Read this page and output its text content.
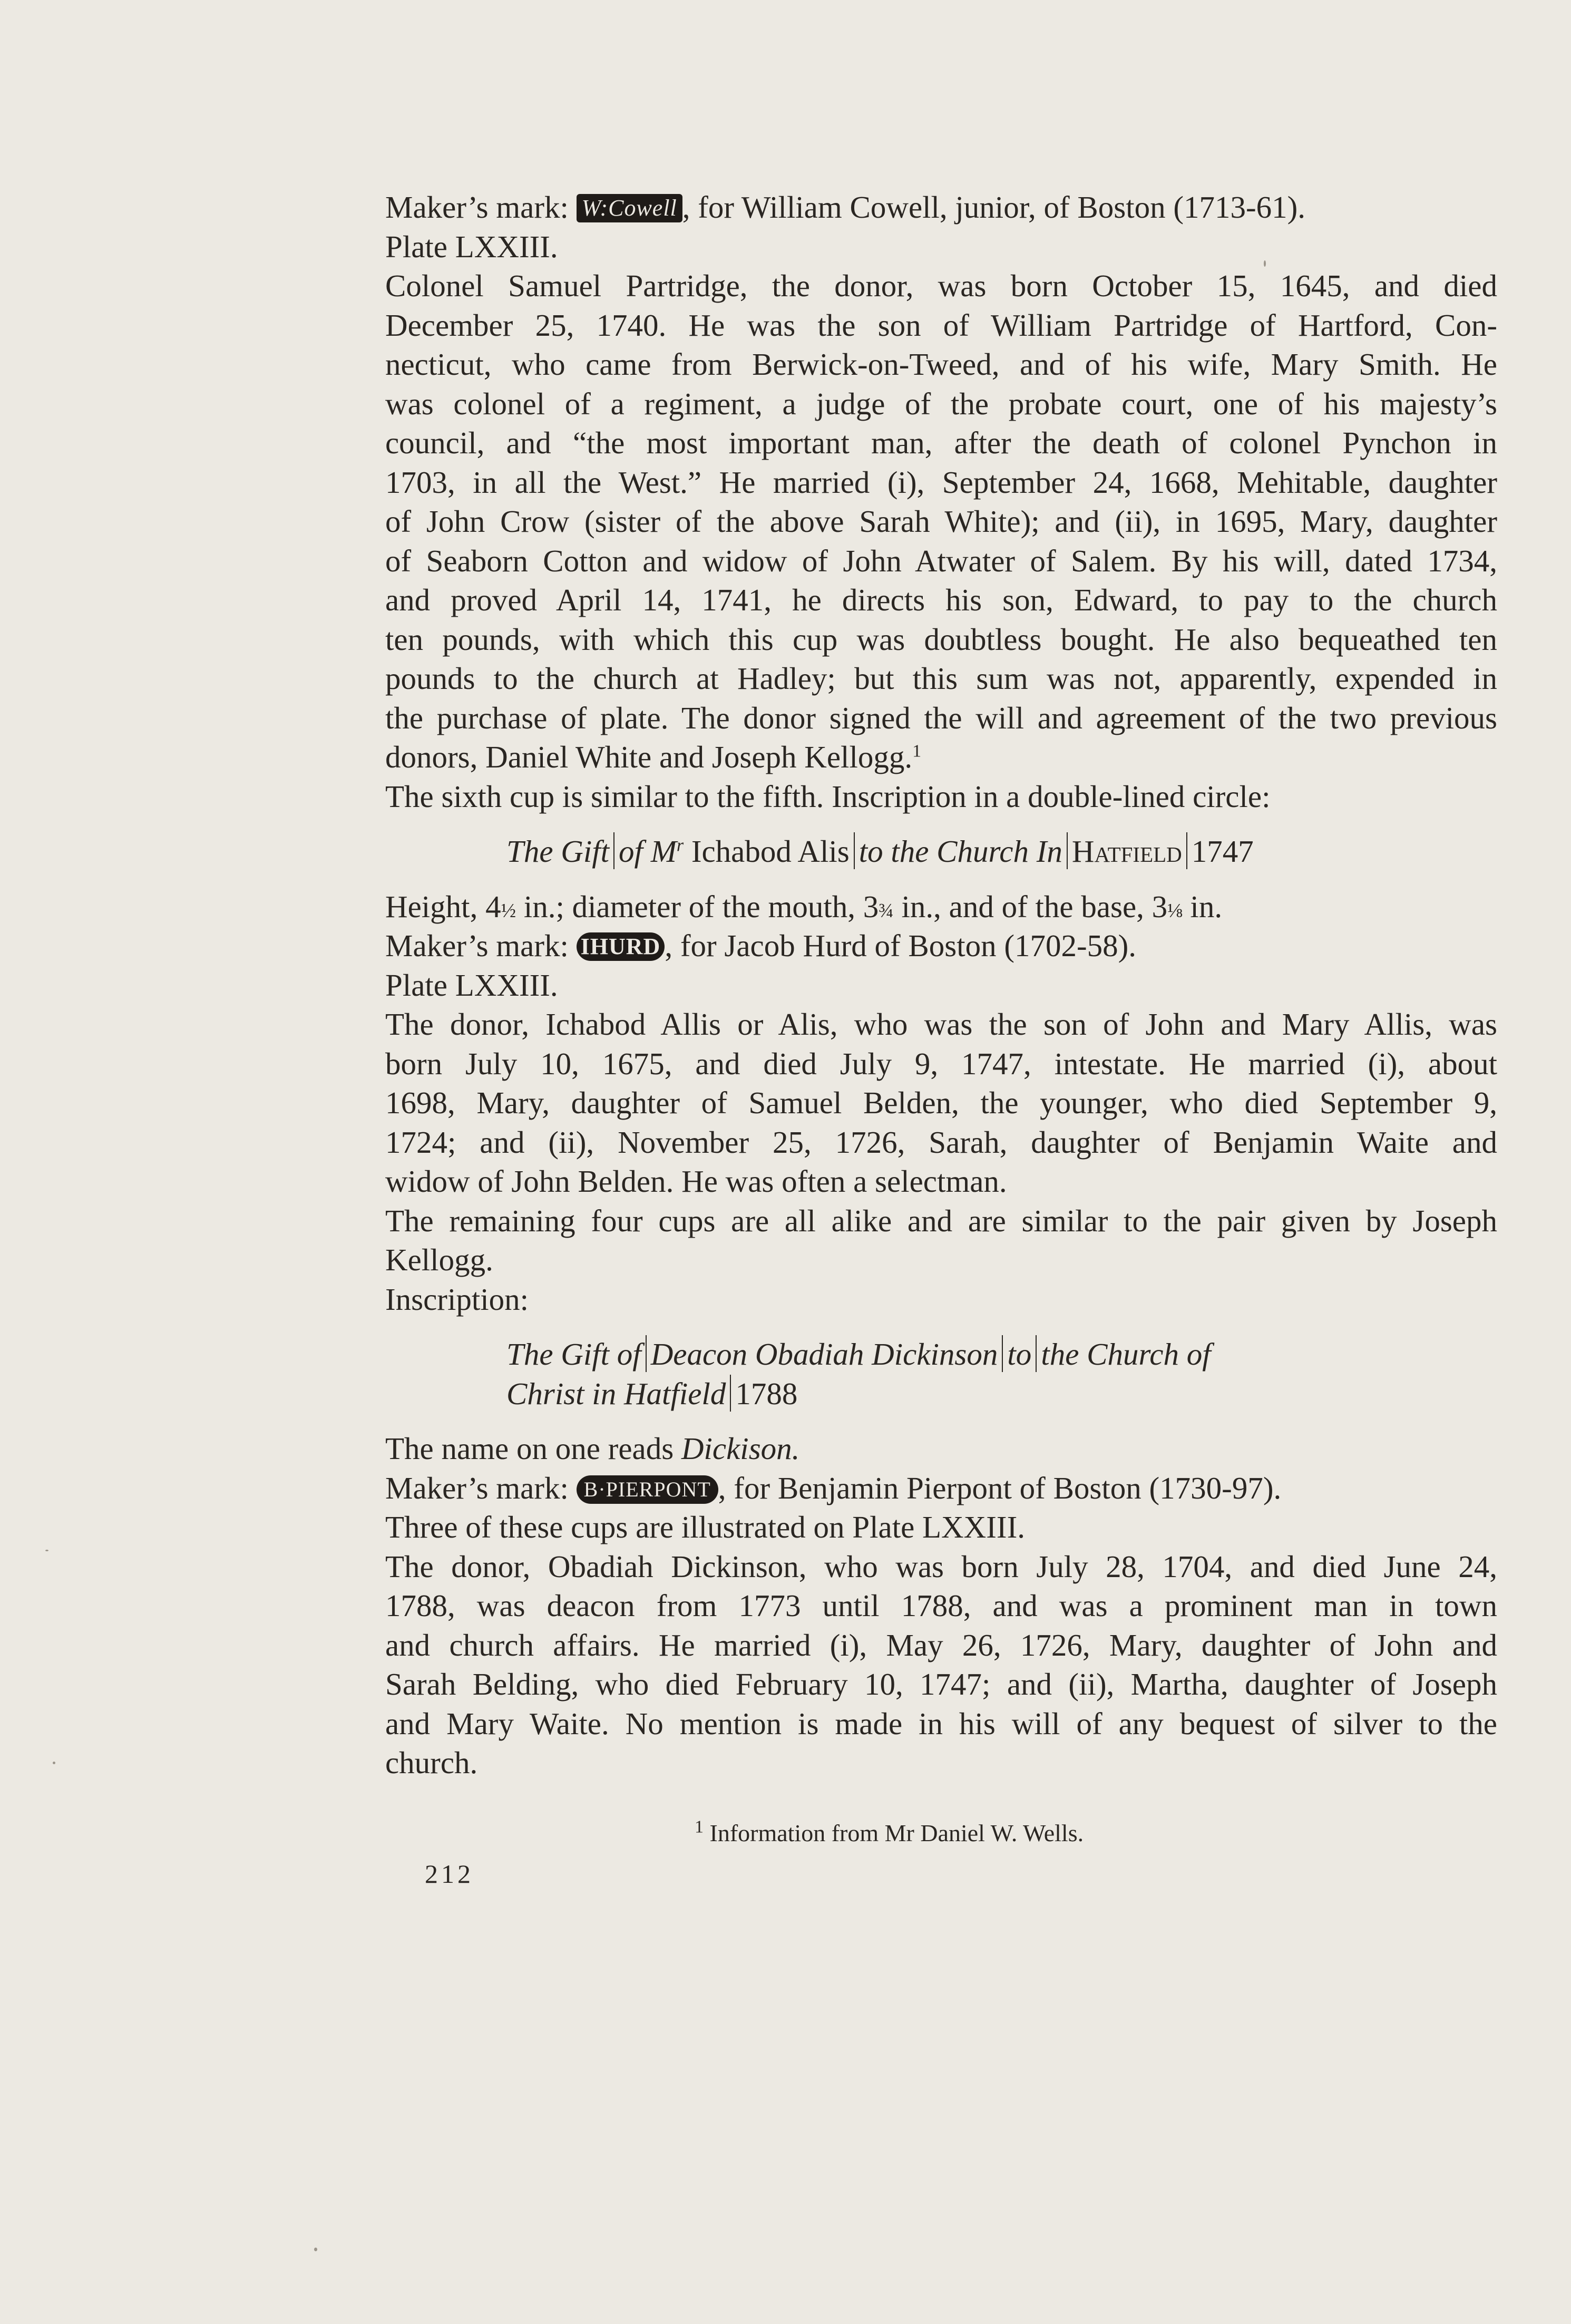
Maker’s mark: W:Cowell , for William Cowell, junior, of Boston (1713-61).
Plate LXXIII.
Colonel Samuel Partridge, the donor, was born October 15, 1645, and died
December 25, 1740. He was the son of William Partridge of Hartford, Con-
necticut, who came from Berwick-on-Tweed, and of his wife, Mary Smith. He
was colonel of a regiment, a judge of the probate court, one of his majesty’s
council, and “the most important man, after the death of colonel Pynchon in
1703, in all the West.” He married (i), September 24, 1668, Mehitable, daughter
of John Crow (sister of the above Sarah White); and (ii), in 1695, Mary, daughter
of Seaborn Cotton and widow of John Atwater of Salem. By his will, dated 1734,
and proved April 14, 1741, he directs his son, Edward, to pay to the church
ten pounds, with which this cup was doubtless bought. He also bequeathed ten
pounds to the church at Hadley; but this sum was not, apparently, expended in
the purchase of plate. The donor signed the will and agreement of the two previous
donors, Daniel White and Joseph Kellogg.$^1$
The sixth cup is similar to the fifth. Inscription in a double-lined circle:
The Gift of $M^r$ Ichabod Alis to the Church In Hatfield 1747
Height, 4½ in.; diameter of the mouth, 3¾ in., and of the base, 3⅛ in.
Maker’s mark: IHURD , for Jacob Hurd of Boston (1702-58).
Plate LXXIII.
The donor, Ichabod Allis or Alis, who was the son of John and Mary Allis, was
born July 10, 1675, and died July 9, 1747, intestate. He married (i), about
1698, Mary, daughter of Samuel Belden, the younger, who died September 9,
1724; and (ii), November 25, 1726, Sarah, daughter of Benjamin Waite and
widow of John Belden. He was often a selectman.
The remaining four cups are all alike and are similar to the pair given by Joseph
Kellogg.
Inscription:
The Gift of Deacon Obadiah Dickinson to the Church of
Christ in Hatfield 1788
The name on one reads Dickison.
Maker’s mark: B·PIERPONT , for Benjamin Pierpont of Boston (1730-97).
Three of these cups are illustrated on Plate LXXIII.
The donor, Obadiah Dickinson, who was born July 28, 1704, and died June 24,
1788, was deacon from 1773 until 1788, and was a prominent man in town
and church affairs. He married (i), May 26, 1726, Mary, daughter of John and
Sarah Belding, who died February 10, 1747; and (ii), Martha, daughter of Joseph
and Mary Waite. No mention is made in his will of any bequest of silver to the
church.
$^1$ Information from Mr Daniel W. Wells.
212
